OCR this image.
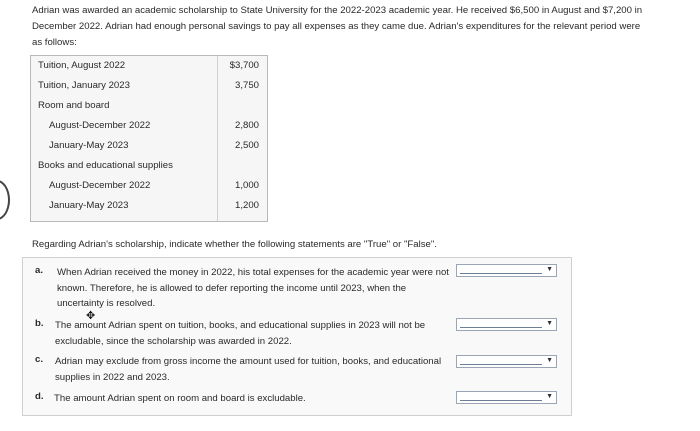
Adrian was awarded an academic scholarship to State University for the 2022-2023 academic year. He received $6,500 in August and $7,200 in December 2022. Adrian had enough personal savings to pay all expenses as they came due. Adrian's expenditures for the relevant period were as follows:
Tuition, August 2022	$3,700
Tuition, January 2023	3,750
Room and board
August-December 2022	2,800
January-May 2023	2,500
Books and educational supplies
August-December 2022	1,000
January-May 2023	1,200
Regarding Adrian's scholarship, indicate whether the following statements are "True" or "False".
a. When Adrian received the money in 2022, his total expenses for the academic year were not known. Therefore, he is allowed to defer reporting the income until 2023, when the uncertainty is resolved.
▼
b. The amount Adrian spent on tuition, books, and educational supplies in 2023 will not be excludable, since the scholarship was awarded in 2022.
▼
c. Adrian may exclude from gross income the amount used for tuition, books, and educational supplies in 2022 and 2023.
▼
d. The amount Adrian spent on room and board is excludable.	▼
✥
